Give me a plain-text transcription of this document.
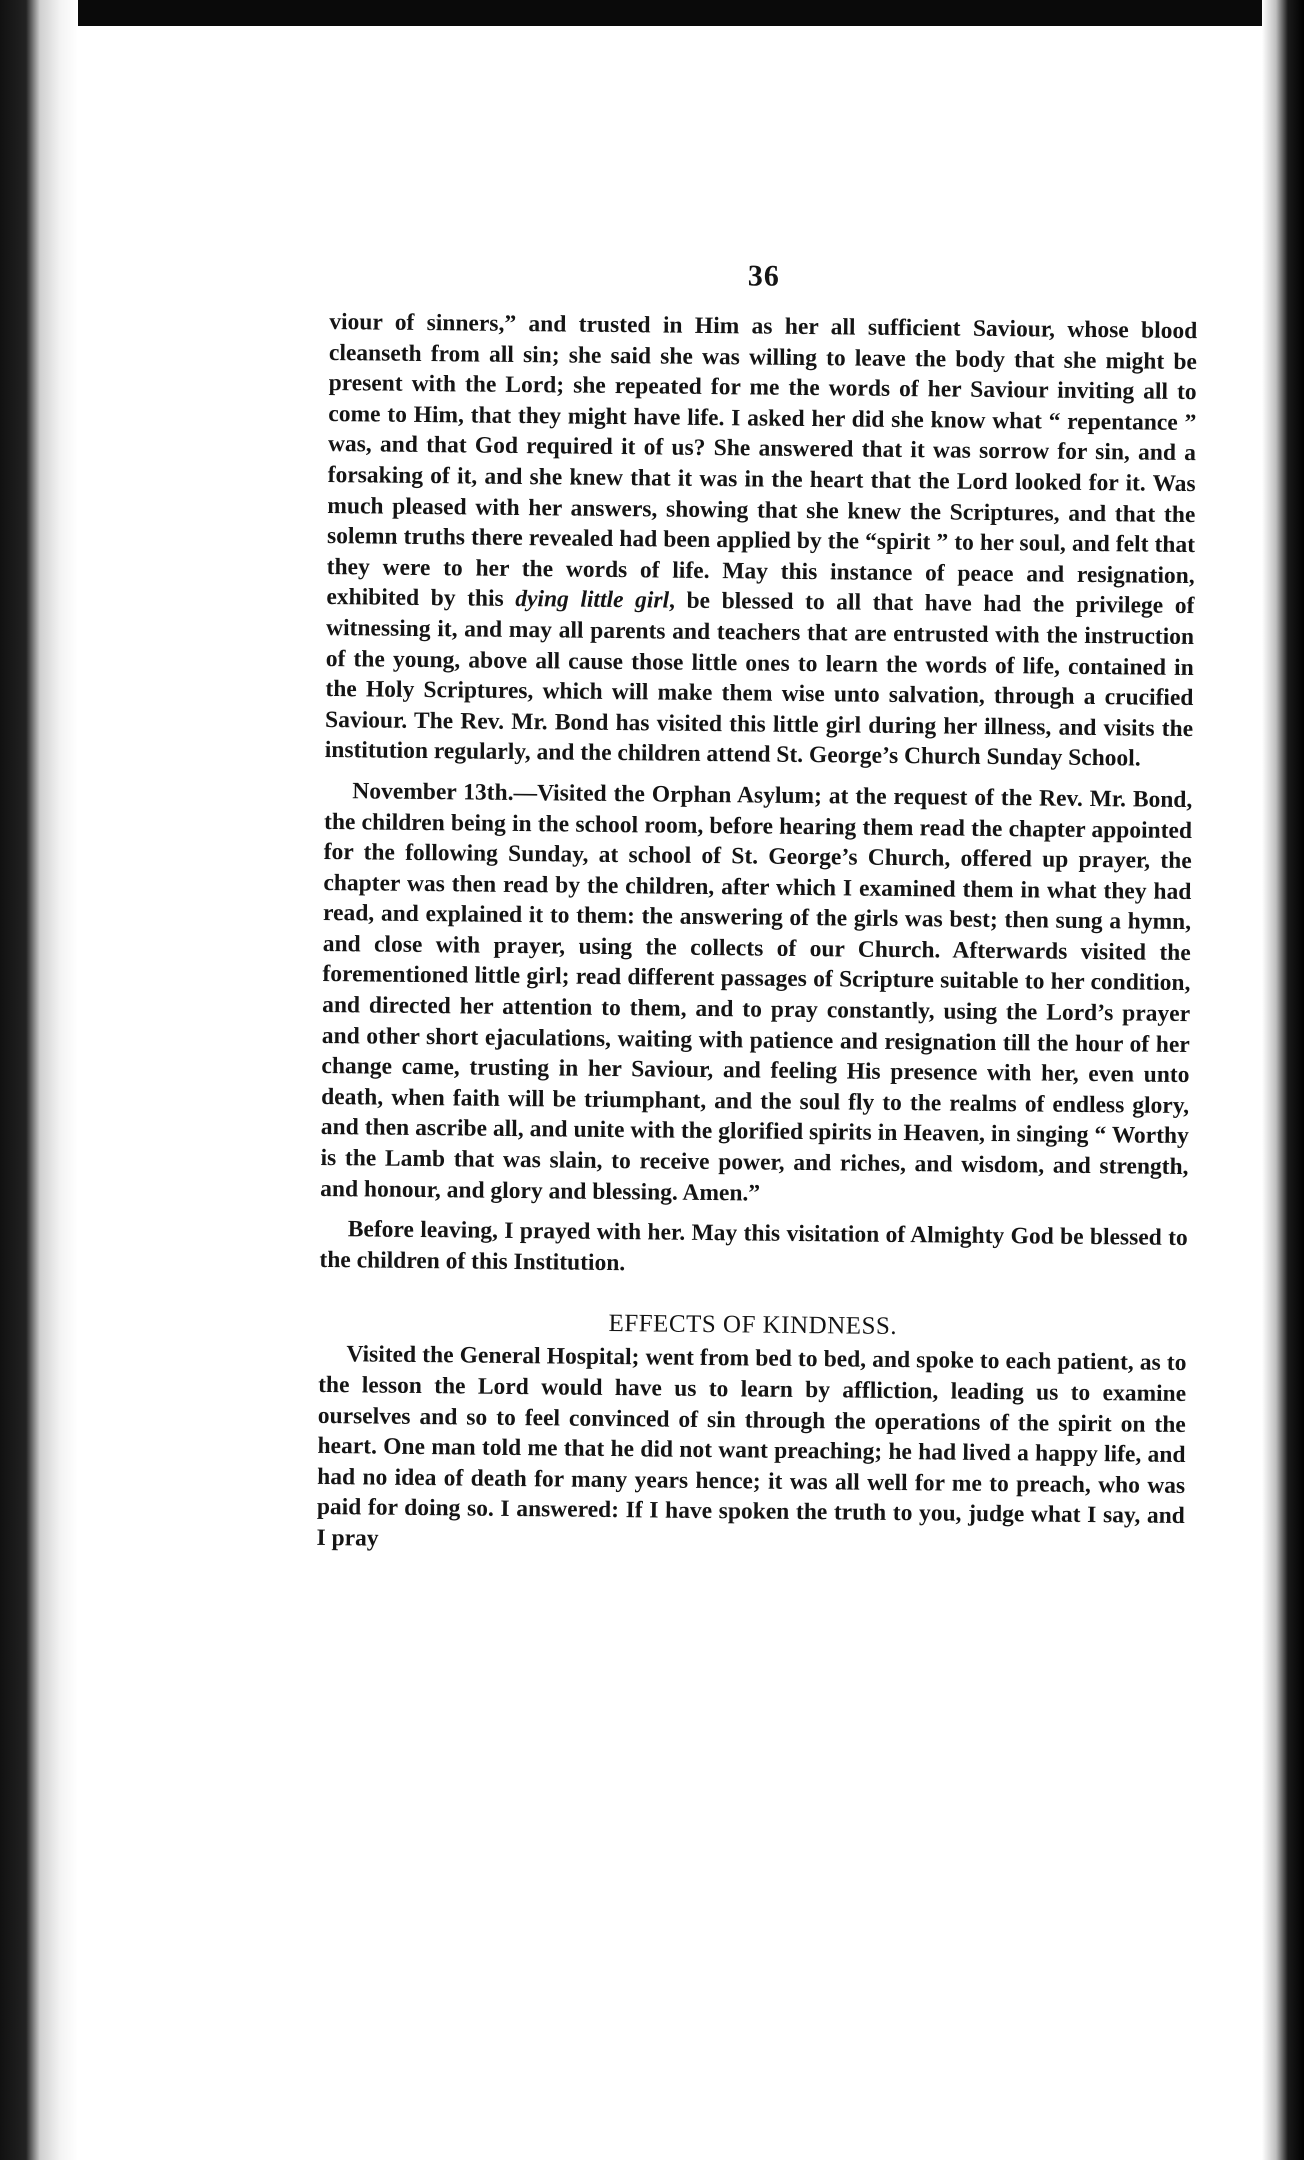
36

viour of sinners,” and trusted in Him as her all sufficient Saviour, whose blood cleanseth from all sin; she said she was willing to leave the body that she might be present with the Lord; she repeated for me the words of her Saviour inviting all to come to Him, that they might have life. I asked her did she know what “ repentance ” was, and that God required it of us? She answered that it was sorrow for sin, and a forsaking of it, and she knew that it was in the heart that the Lord looked for it. Was much pleased with her answers, showing that she knew the Scriptures, and that the solemn truths there revealed had been applied by the “spirit ” to her soul, and felt that they were to her the words of life. May this instance of peace and resignation, exhibited by this dying little girl, be blessed to all that have had the privilege of witnessing it, and may all parents and teachers that are entrusted with the instruction of the young, above all cause those little ones to learn the words of life, contained in the Holy Scriptures, which will make them wise unto salvation, through a crucified Saviour. The Rev. Mr. Bond has visited this little girl during her illness, and visits the institution regularly, and the children attend St. George’s Church Sunday School.

November 13th.—Visited the Orphan Asylum; at the request of the Rev. Mr. Bond, the children being in the school room, before hearing them read the chapter appointed for the following Sunday, at school of St. George’s Church, offered up prayer, the chapter was then read by the children, after which I examined them in what they had read, and explained it to them: the answering of the girls was best; then sung a hymn, and close with prayer, using the collects of our Church. Afterwards visited the forementioned little girl; read different passages of Scripture suitable to her condition, and directed her attention to them, and to pray constantly, using the Lord’s prayer and other short ejaculations, waiting with patience and resignation till the hour of her change came, trusting in her Saviour, and feeling His presence with her, even unto death, when faith will be triumphant, and the soul fly to the realms of endless glory, and then ascribe all, and unite with the glorified spirits in Heaven, in singing “ Worthy is the Lamb that was slain, to receive power, and riches, and wisdom, and strength, and honour, and glory and blessing. Amen.”

Before leaving, I prayed with her. May this visitation of Almighty God be blessed to the children of this Institution.

EFFECTS OF KINDNESS.

Visited the General Hospital; went from bed to bed, and spoke to each patient, as to the lesson the Lord would have us to learn by affliction, leading us to examine ourselves and so to feel convinced of sin through the operations of the spirit on the heart. One man told me that he did not want preaching; he had lived a happy life, and had no idea of death for many years hence; it was all well for me to preach, who was paid for doing so. I answered: If I have spoken the truth to you, judge what I say, and I pray
